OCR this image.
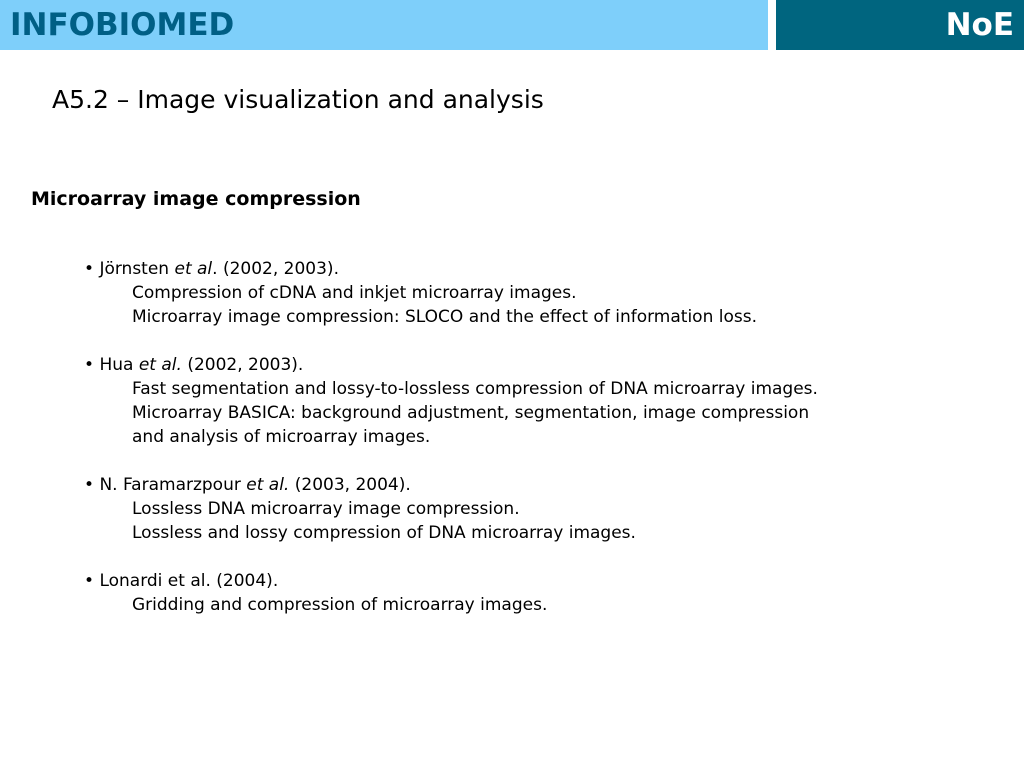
INFOBIOMED	NoE
A5.2 – Image visualization and analysis
Microarray image compression

• Jörnsten et al. (2002, 2003).

Compression of cDNA and inkjet microarray images.

Microarray image compression: SLOCO and the effect of information loss.

• Hua et al. (2002, 2003).

Fast segmentation and lossy-to-lossless compression of DNA microarray images.

Microarray BASICA: background adjustment, segmentation, image compression

and analysis of microarray images.

• N. Faramarzpour et al. (2003, 2004).

Lossless DNA microarray image compression.

Lossless and lossy compression of DNA microarray images.

• Lonardi et al. (2004).

Gridding and compression of microarray images.
